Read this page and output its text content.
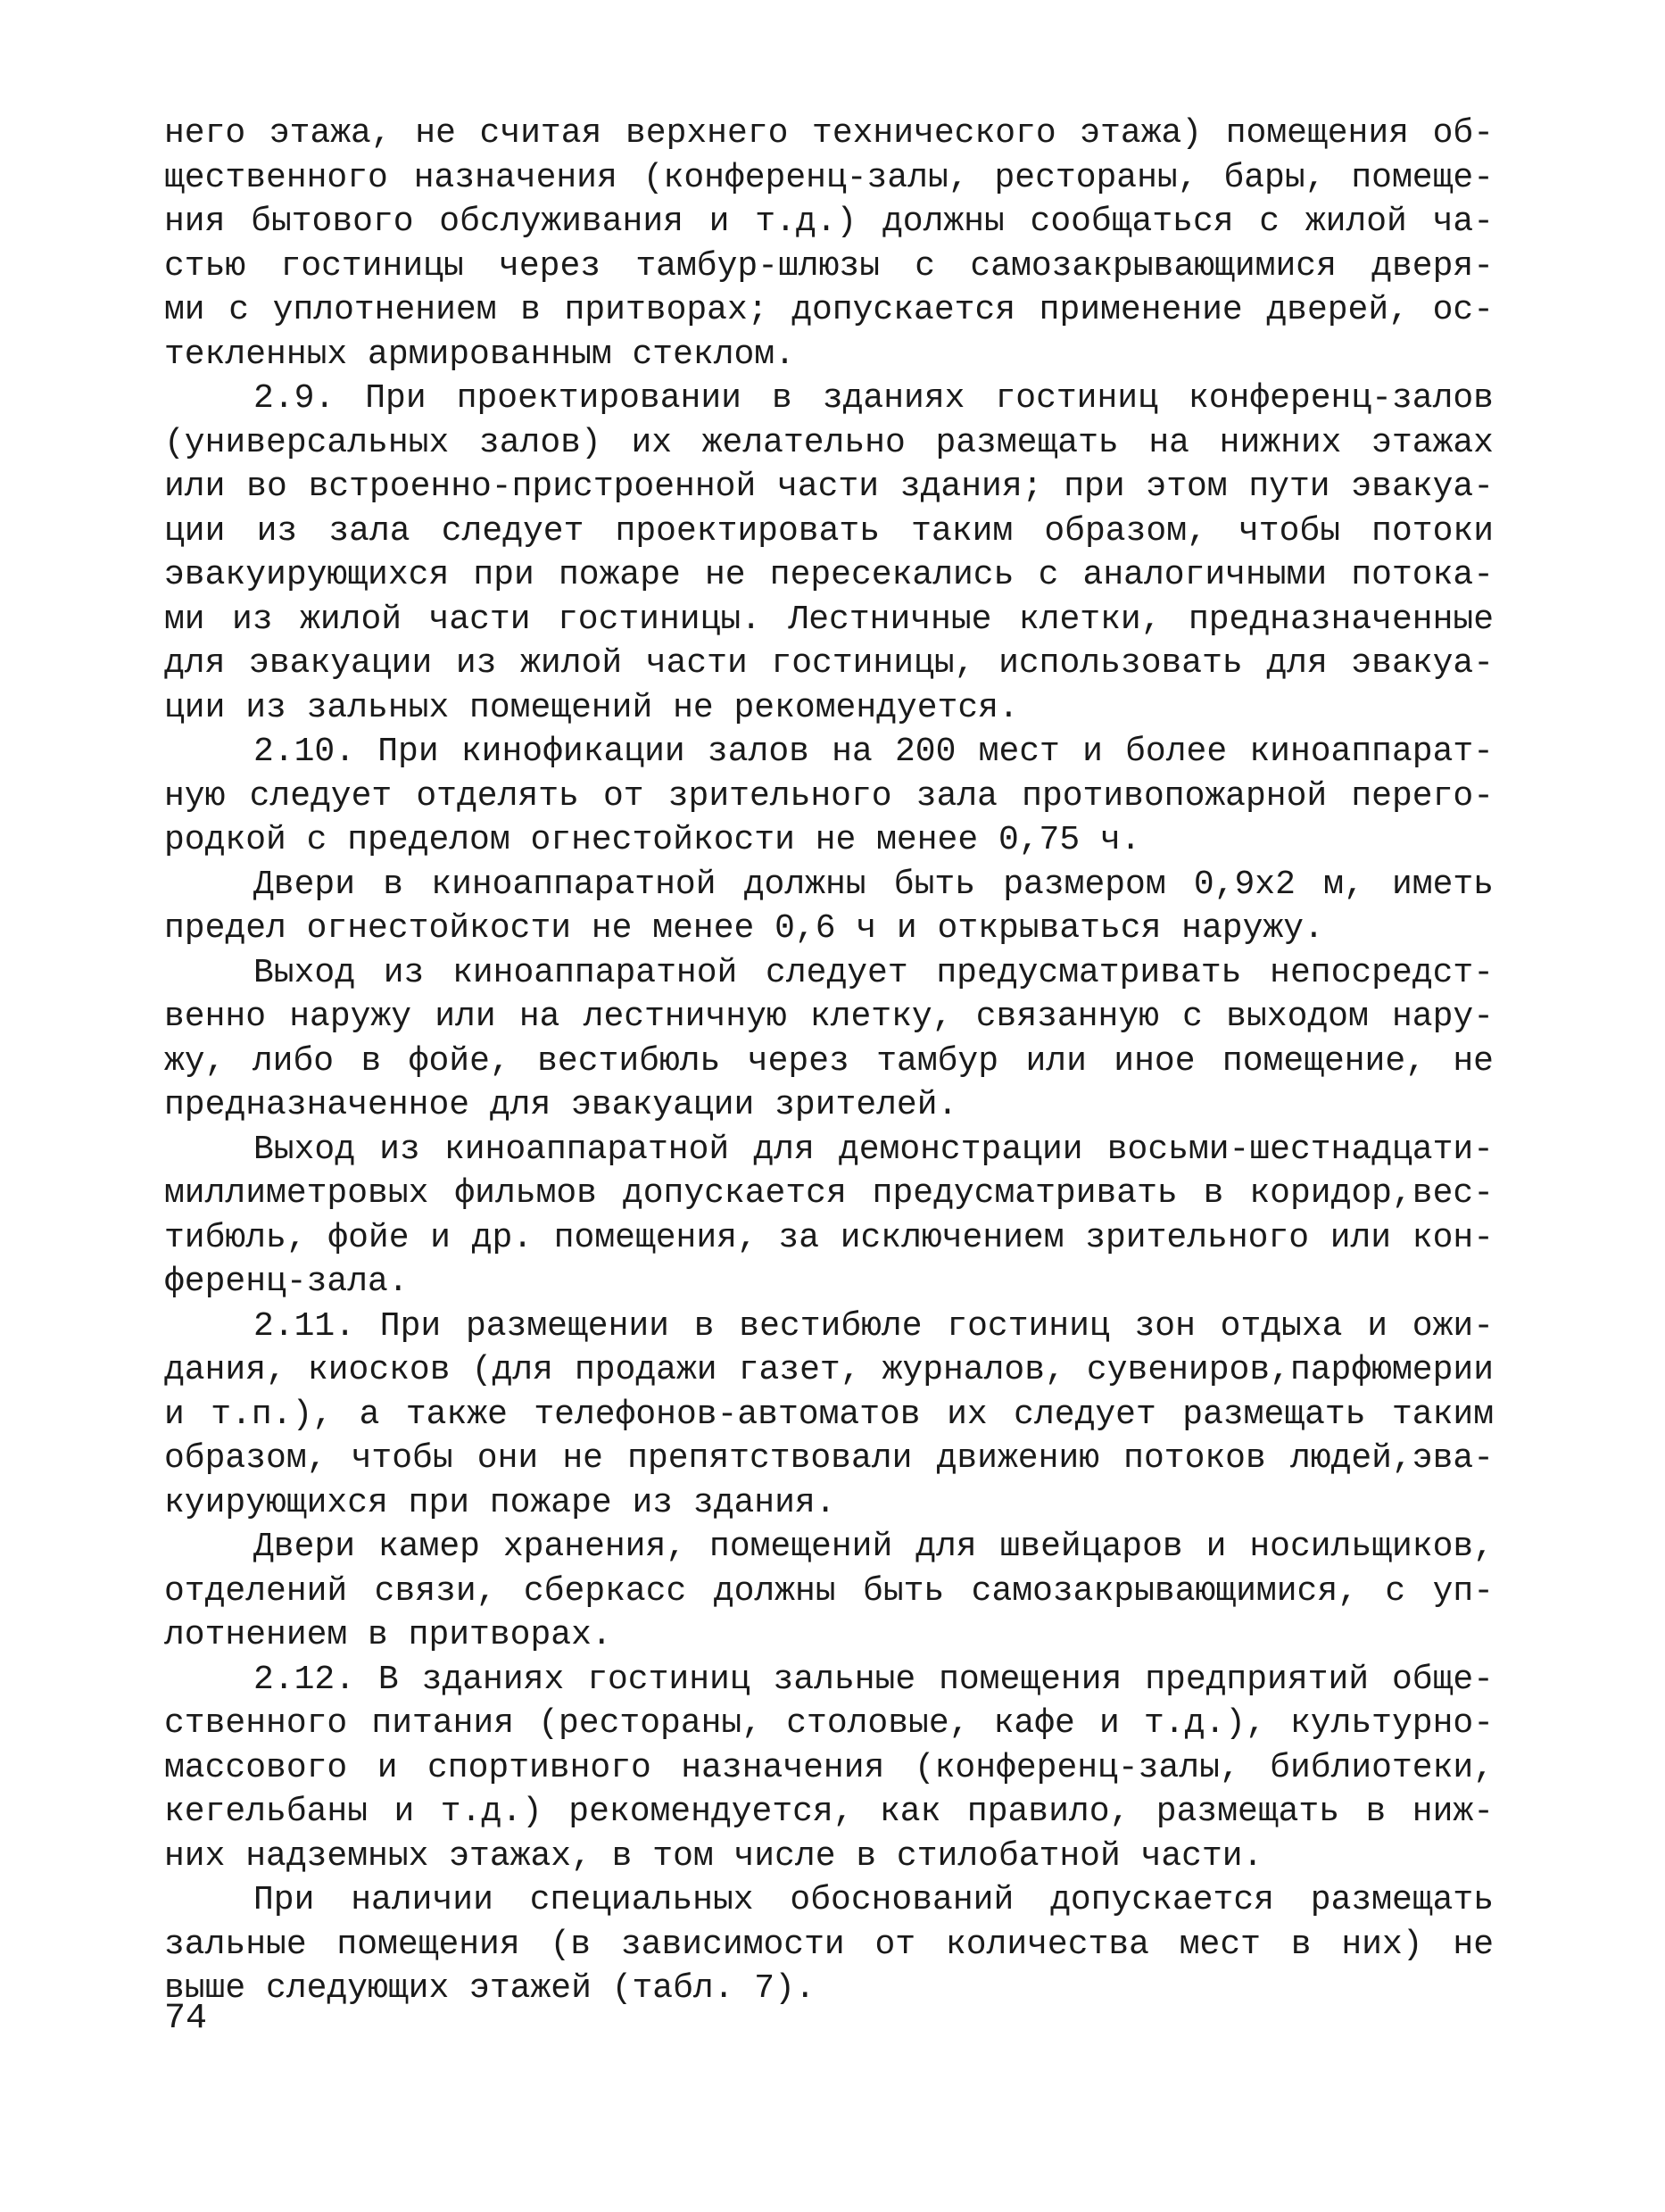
него этажа, не считая верхнего технического этажа) помещения об-
щественного назначения (конференц-залы, рестораны, бары, помеще-
ния бытового обслуживания и т.д.) должны сообщаться с жилой ча-
стью гостиницы через тамбур-шлюзы с самозакрывающимися дверя-
ми с уплотнением в притворах; допускается применение дверей, ос-
текленных армированным стеклом.
2.9. При проектировании в зданиях гостиниц конференц-залов
(универсальных залов) их желательно размещать на нижних этажах
или во встроенно-пристроенной части здания; при этом пути эвакуа-
ции из зала следует проектировать таким образом, чтобы потоки
эвакуирующихся при пожаре не пересекались с аналогичными потока-
ми из жилой части гостиницы. Лестничные клетки, предназначенные
для эвакуации из жилой части гостиницы, использовать для эвакуа-
ции из зальных помещений не рекомендуется.
2.10. При кинофикации залов на 200 мест и более киноаппарат-
ную следует отделять от зрительного зала противопожарной перего-
родкой с пределом огнестойкости не менее 0,75 ч.
Двери в киноаппаратной должны быть размером 0,9х2 м, иметь
предел огнестойкости не менее 0,6 ч и открываться наружу.
Выход из киноаппаратной следует предусматривать непосредст-
венно наружу или на лестничную клетку, связанную с выходом нару-
жу, либо в фойе, вестибюль через тамбур или иное помещение, не
предназначенное для эвакуации зрителей.
Выход из киноаппаратной для демонстрации восьми-шестнадцати-
миллиметровых фильмов допускается предусматривать в коридор,вес-
тибюль, фойе и др. помещения, за исключением зрительного или кон-
ференц-зала.
2.11. При размещении в вестибюле гостиниц зон отдыха и ожи-
дания, киосков (для продажи газет, журналов, сувениров,парфюмерии
и т.п.), а также телефонов-автоматов их следует размещать таким
образом, чтобы они не препятствовали движению потоков людей,эва-
куирующихся при пожаре из здания.
Двери камер хранения, помещений для швейцаров и носильщиков,
отделений связи, сберкасс должны быть самозакрывающимися, с уп-
лотнением в притворах.
2.12. В зданиях гостиниц зальные помещения предприятий обще-
ственного питания (рестораны, столовые, кафе и т.д.), культурно-
массового и спортивного назначения (конференц-залы, библиотеки,
кегельбаны и т.д.) рекомендуется, как правило, размещать в ниж-
них надземных этажах, в том числе в стилобатной части.
При наличии специальных обоснований допускается размещать
зальные помещения (в зависимости от количества мест в них) не
выше следующих этажей (табл. 7).
74
